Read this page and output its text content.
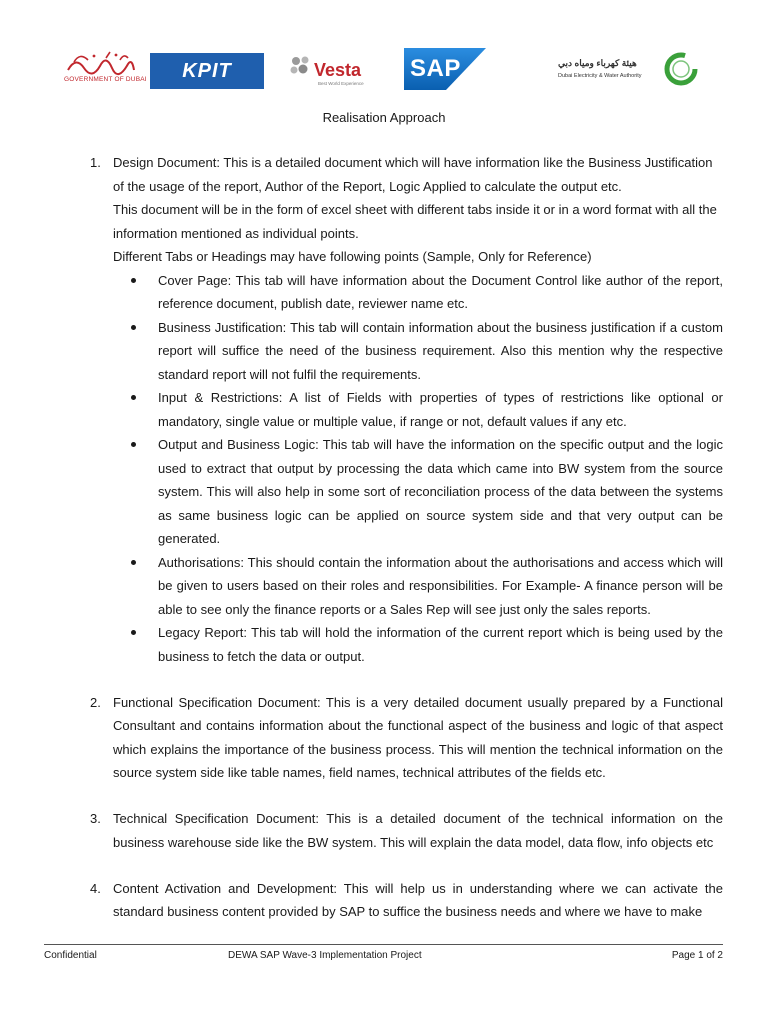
GOVERNMENT OF DUBAI	KPIT	Vesta
Best World Experience
SAP	هيئة كهرباء ومياه دبي
Dubai Electricity & Water Authority
Realisation Approach
1. Design Document: This is a detailed document which will have information like the Business Justification of the usage of the report, Author of the Report, Logic Applied to calculate the output etc.
This document will be in the form of excel sheet with different tabs inside it or in a word format with all the information mentioned as individual points.
Different Tabs or Headings may have following points (Sample, Only for Reference)
Cover Page: This tab will have information about the Document Control like author of the report, reference document, publish date, reviewer name etc.
Business Justification: This tab will contain information about the business justification if a custom report will suffice the need of the business requirement. Also this mention why the respective standard report will not fulfil the requirements.
Input & Restrictions: A list of Fields with properties of types of restrictions like optional or mandatory, single value or multiple value, if range or not, default values if any etc.
Output and Business Logic: This tab will have the information on the specific output and the logic used to extract that output by processing the data which came into BW system from the source system. This will also help in some sort of reconciliation process of the data between the systems as same business logic can be applied on source system side and that very output can be generated.
Authorisations: This should contain the information about the authorisations and access which will be given to users based on their roles and responsibilities. For Example- A finance person will be able to see only the finance reports or a Sales Rep will see just only the sales reports.
Legacy Report: This tab will hold the information of the current report which is being used by the business to fetch the data or output.
2. Functional Specification Document: This is a very detailed document usually prepared by a Functional Consultant and contains information about the functional aspect of the business and logic of that aspect which explains the importance of the business process. This will mention the technical information on the source system side like table names, field names, technical attributes of the fields etc.
3. Technical Specification Document: This is a detailed document of the technical information on the business warehouse side like the BW system. This will explain the data model, data flow, info objects etc
4. Content Activation and Development: This will help us in understanding where we can activate the standard business content provided by SAP to suffice the business needs and where we have to make
Confidential	DEWA SAP Wave-3 Implementation Project	Page 1 of 2
